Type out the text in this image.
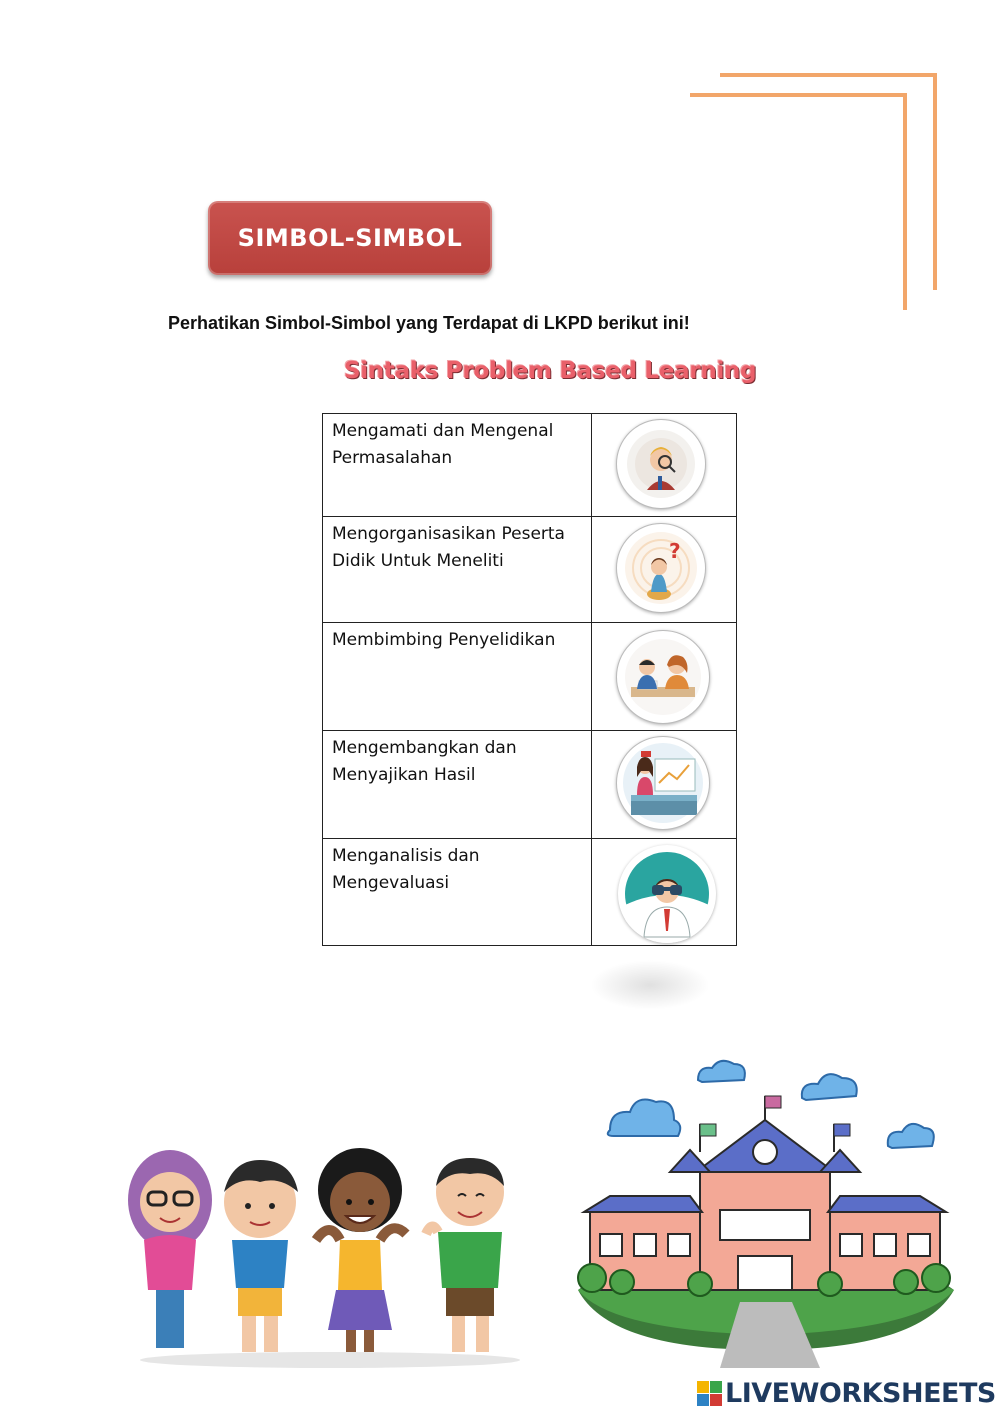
SIMBOL-SIMBOL
Perhatikan Simbol-Simbol yang Terdapat di LKPD berikut ini!
Sintaks Problem Based Learning
Mengamati dan Mengenal Permasalahan	

Mengorganisasikan Peserta Didik Untuk Meneliti	?

Membimbing Penyelidikan	

Mengembangkan dan Menyajikan Hasil	

Menganalisis dan Mengevaluasi	
LIVEWORKSHEETS
